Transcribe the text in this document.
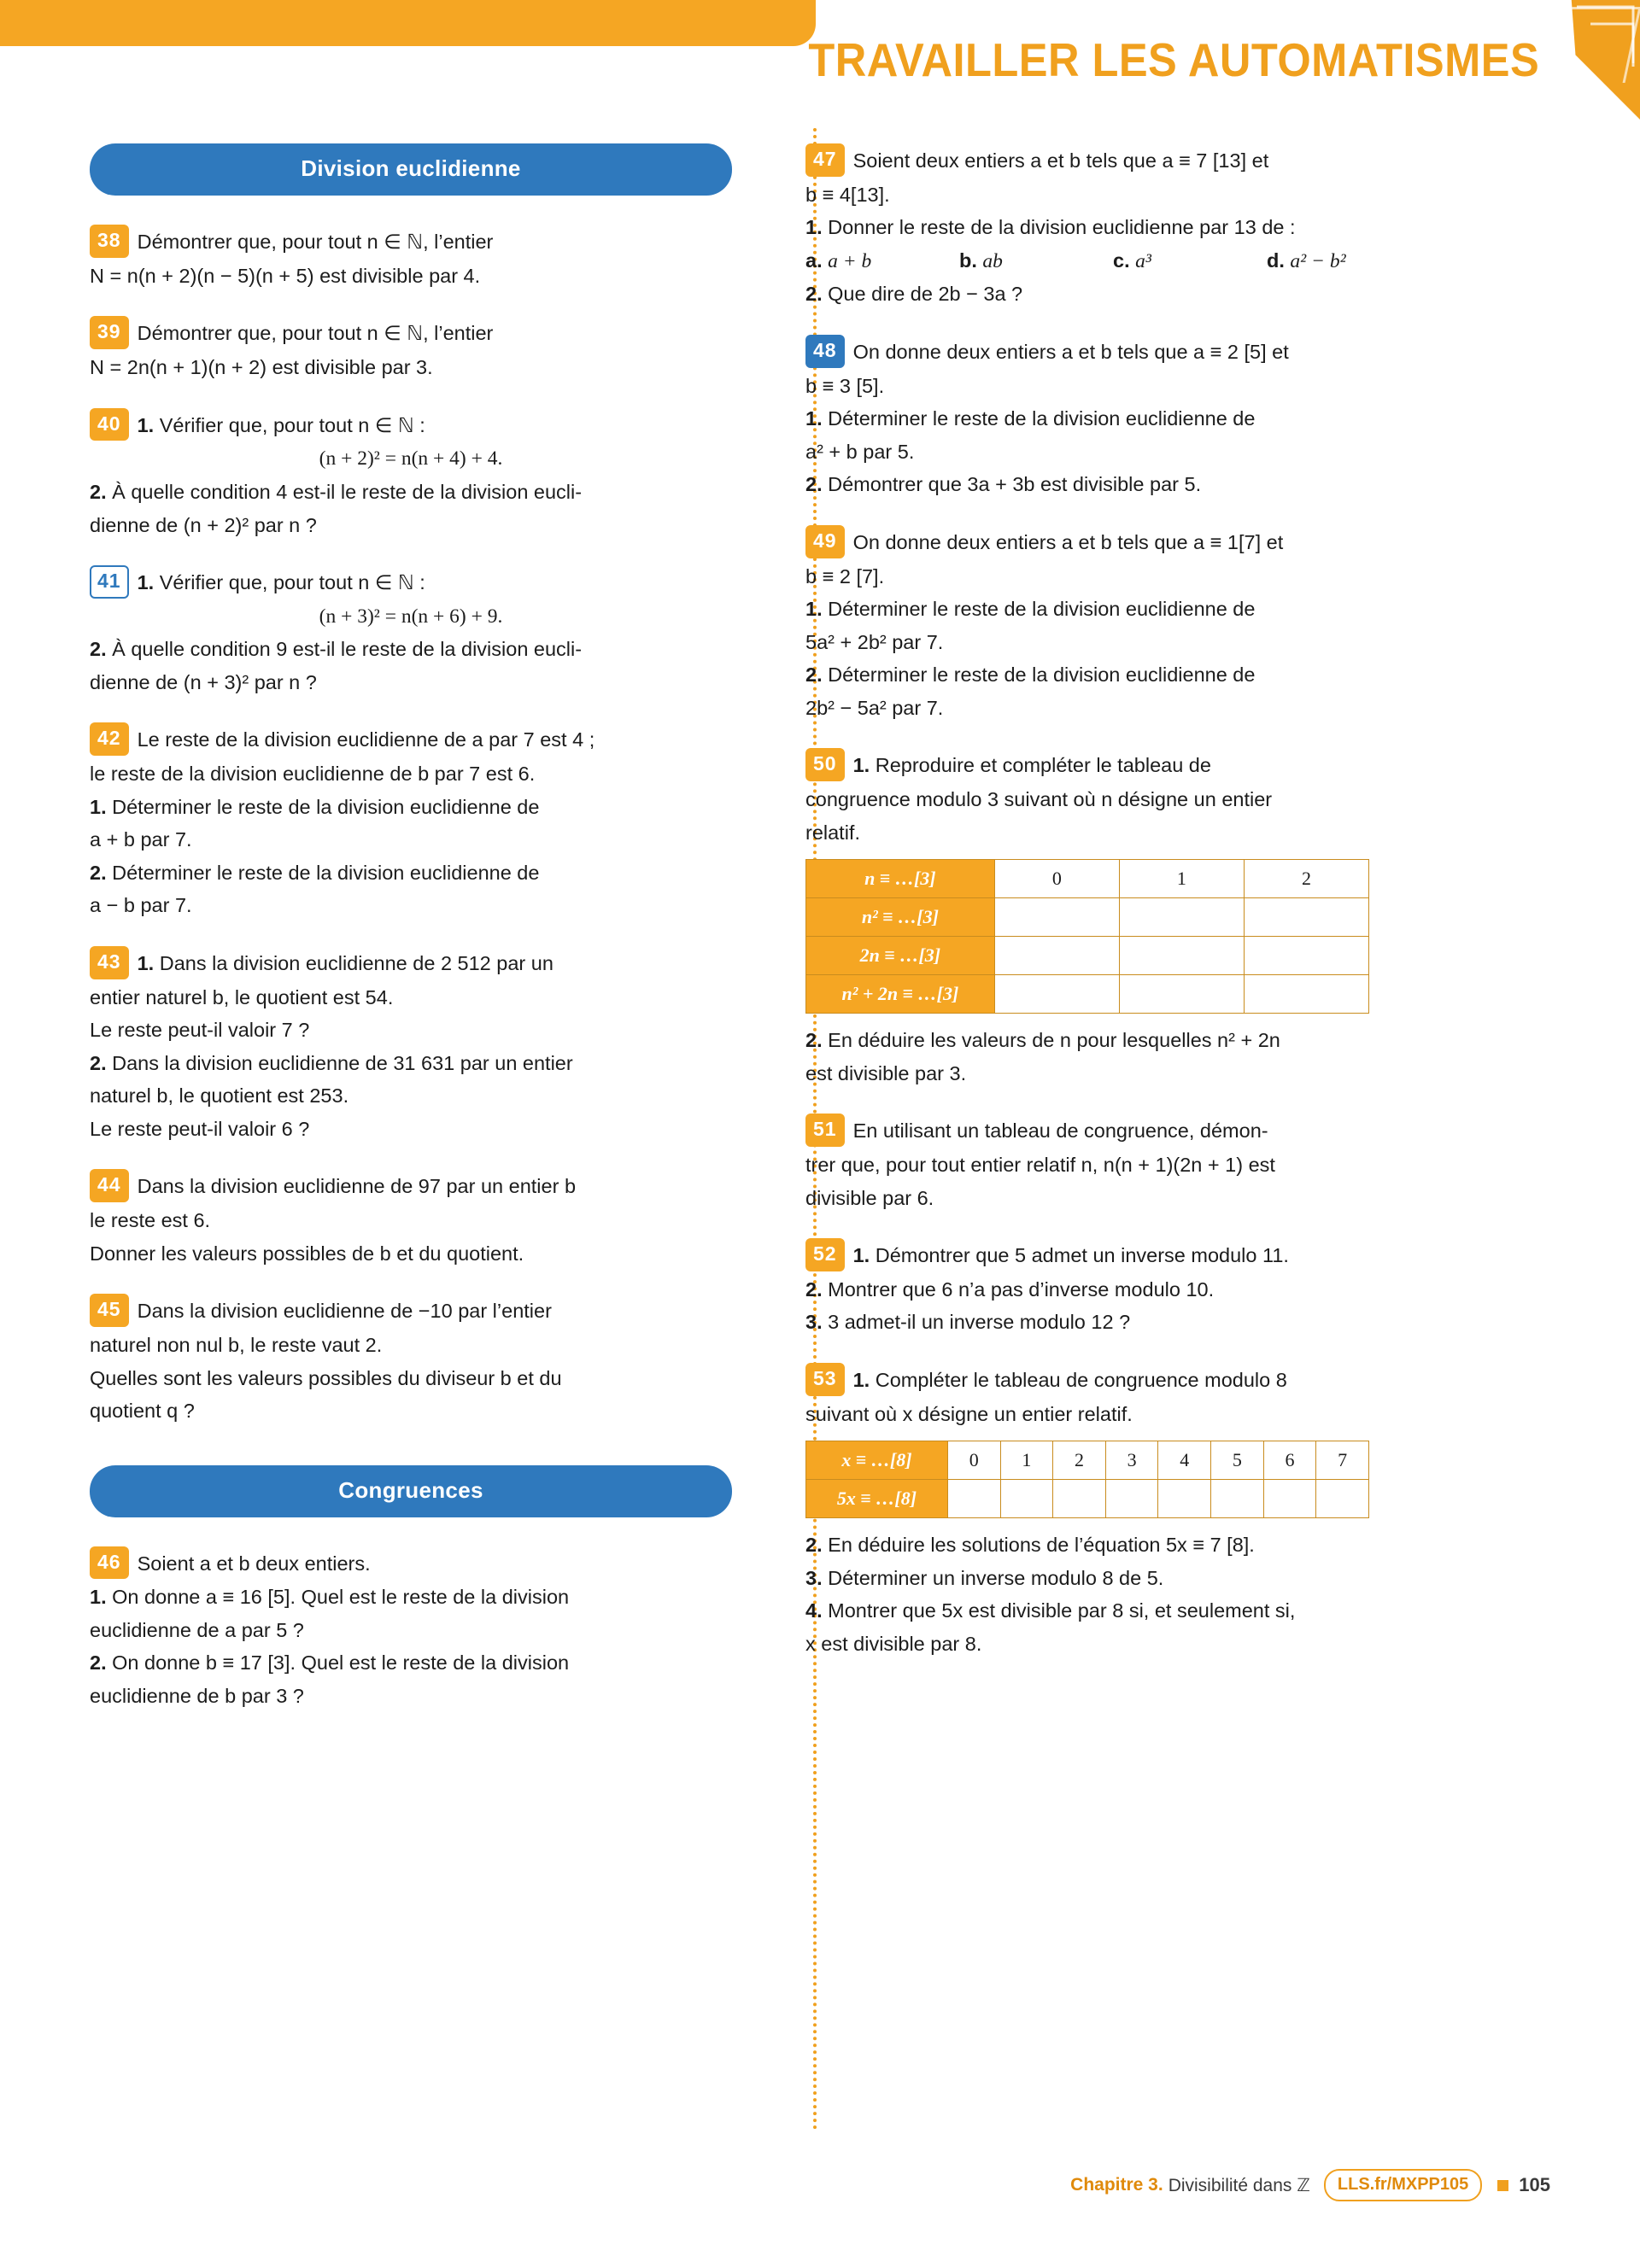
TRAVAILLER LES AUTOMATISMES
Division euclidienne

38 Démontrer que, pour tout n ∈ ℕ, l’entier

N = n(n + 2)(n − 5)(n + 5) est divisible par 4.

39 Démontrer que, pour tout n ∈ ℕ, l’entier

N = 2n(n + 1)(n + 2) est divisible par 3.

40 1. Vérifier que, pour tout n ∈ ℕ :

(n + 2)² = n(n + 4) + 4.

2. À quelle condition 4 est-il le reste de la division eucli-

dienne de (n + 2)² par n ?

41 1. Vérifier que, pour tout n ∈ ℕ :

(n + 3)² = n(n + 6) + 9.

2. À quelle condition 9 est-il le reste de la division eucli-

dienne de (n + 3)² par n ?

42 Le reste de la division euclidienne de a par 7 est 4 ;

le reste de la division euclidienne de b par 7 est 6.

1. Déterminer le reste de la division euclidienne de

a + b par 7.

2. Déterminer le reste de la division euclidienne de

a − b par 7.

43 1. Dans la division euclidienne de 2 512 par un

entier naturel b, le quotient est 54.

Le reste peut-il valoir 7 ?

2. Dans la division euclidienne de 31 631 par un entier

naturel b, le quotient est 253.

Le reste peut-il valoir 6 ?

44 Dans la division euclidienne de 97 par un entier b

le reste est 6.

Donner les valeurs possibles de b et du quotient.

45 Dans la division euclidienne de −10 par l’entier

naturel non nul b, le reste vaut 2.

Quelles sont les valeurs possibles du diviseur b et du

quotient q ?

Congruences

46 Soient a et b deux entiers.

1. On donne a ≡ 16 [5]. Quel est le reste de la division

euclidienne de a par 5 ?

2. On donne b ≡ 17 [3]. Quel est le reste de la division

euclidienne de b par 3 ?

47 Soient deux entiers a et b tels que a ≡ 7 [13] et

b ≡ 4[13].

1. Donner le reste de la division euclidienne par 13 de :

a. a + b	b. ab	c. a³	d. a² − b²

2. Que dire de 2b − 3a ?

48 On donne deux entiers a et b tels que a ≡ 2 [5] et

b ≡ 3 [5].

1. Déterminer le reste de la division euclidienne de

a² + b par 5.

2. Démontrer que 3a + 3b est divisible par 5.

49 On donne deux entiers a et b tels que a ≡ 1[7] et

b ≡ 2 [7].

1. Déterminer le reste de la division euclidienne de

5a² + 2b² par 7.

2. Déterminer le reste de la division euclidienne de

2b² − 5a² par 7.

50 1. Reproduire et compléter le tableau de

congruence modulo 3 suivant où n désigne un entier

relatif.

n ≡ …[3]	0	1	2
n² ≡ …[3]			
2n ≡ …[3]			
n² + 2n ≡ …[3]			

2. En déduire les valeurs de n pour lesquelles n² + 2n

est divisible par 3.

51 En utilisant un tableau de congruence, démon-

trer que, pour tout entier relatif n, n(n + 1)(2n + 1) est

divisible par 6.

52 1. Démontrer que 5 admet un inverse modulo 11.

2. Montrer que 6 n’a pas d’inverse modulo 10.

3. 3 admet-il un inverse modulo 12 ?

53 1. Compléter le tableau de congruence modulo 8

suivant où x désigne un entier relatif.

x ≡ …[8]	0	1	2	3	4	5	6	7
5x ≡ …[8]								

2. En déduire les solutions de l’équation 5x ≡ 7 [8].

3. Déterminer un inverse modulo 8 de 5.

4. Montrer que 5x est divisible par 8 si, et seulement si,

x est divisible par 8.

Chapitre 3. Divisibilité dans ℤ	LLS.fr/MXPP105	105
